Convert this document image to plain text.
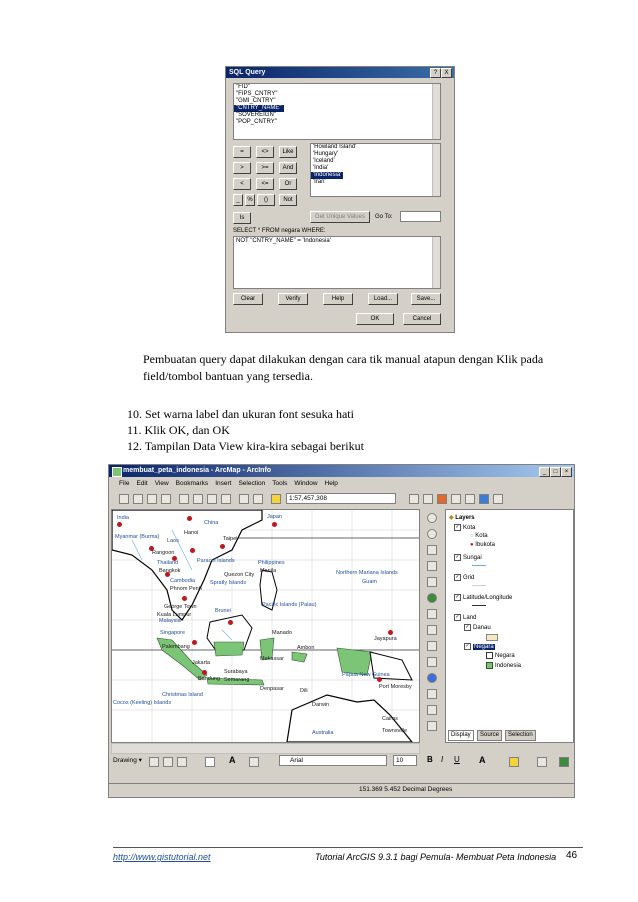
SQL Query	?	X
"FID"
"FIPS_CNTRY"
"GMI_CNTRY"
"CNTRY_NAME"
"SOVEREIGN"
"POP_CNTRY"
=	<>	Like
>	>=	And
<	<=	Or
_	%	()	Not
Is
'Howland Island'
'Hungary'
'Iceland'
'India'
'Indonesia'
'Iran'
Get Unique Values	Go To:
SELECT * FROM negara WHERE:
NOT "CNTRY_NAME" = 'Indonesia'
Clear	Verify	Help	Load...	Save...
OK	Cancel
Pembuatan query dapat dilakukan dengan cara tik manual atapun dengan Klik pada field/tombol bantuan yang tersedia.
10. Set warna label dan ukuran font sesuka hati
11. Klik OK, dan OK
12. Tampilan Data View kira-kira sebagai berikut
membuat_peta_indonesia - ArcMap - ArcInfo	_	□	×
File Edit View Bookmarks Insert Selection Tools Window Help
1:57,457,308
India
China
Japan
Myanmar (Burma)
Laos
Hanoi
Taipei
Rangoon
Thailand	Paracel Islands	Philippines
Bangkok
Cambodia	Spratly Islands
Manila
Quezon City
Phnom Penh
Northern Mariana Islands
Guam
Malaysia
Kuala Lumpur
George Town
Singapore
Brunei
Pacific Islands (Palau)
Palembang
Jakarta
Bandung Semarang
Surabaya
Denpasar
Papua New Guinea
Port Moresby
Christmas Island
Cocos (Keeling) Islands	Darwin
Cairns
Australia	Townsville
Dili
Makassar
Manado
Ambon
Jayapura
◆ Layers
✓ Kota
○ Kota
● Ibukota
✓ Sungai
✓ Grid
✓ Latitude/Longitude
✓ Land
✓ Danau
✓ Negara
Negara
Indonesia
Display	Source	Selection
Drawing ▾	A	Arial	10	B I U A
151.369 5.452 Decimal Degrees
http://www.gistutorial.net	Tutorial ArcGIS 9.3.1 bagi Pemula- Membuat Peta Indonesia 46
